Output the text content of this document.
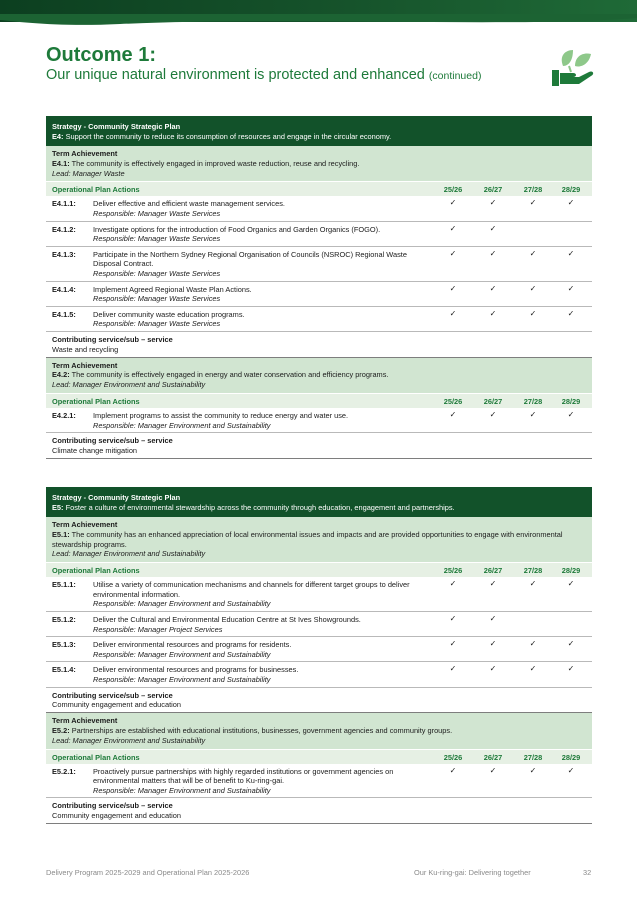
Outcome 1:
Our unique natural environment is protected and enhanced (continued)
Strategy - Community Strategic Plan
E4: Support the community to reduce its consumption of resources and engage in the circular economy.
Term Achievement
E4.1: The community is effectively engaged in improved waste reduction, reuse and recycling.
Lead: Manager Waste
Operational Plan Actions	25/26	26/27	27/28	28/29
E4.1.1: Deliver effective and efficient waste management services.
Responsible: Manager Waste Services
✓	✓	✓	✓
E4.1.2: Investigate options for the introduction of Food Organics and Garden Organics (FOGO).
Responsible: Manager Waste Services
✓	✓
E4.1.3: Participate in the Northern Sydney Regional Organisation of Councils (NSROC) Regional Waste Disposal Contract.
Responsible: Manager Waste Services
✓	✓	✓	✓
E4.1.4: Implement Agreed Regional Waste Plan Actions.
Responsible: Manager Waste Services
✓	✓	✓	✓
E4.1.5: Deliver community waste education programs.
Responsible: Manager Waste Services
✓	✓	✓	✓
Contributing service/sub – service
Waste and recycling
Term Achievement
E4.2: The community is effectively engaged in energy and water conservation and efficiency programs.
Lead: Manager Environment and Sustainability
Operational Plan Actions	25/26	26/27	27/28	28/29
E4.2.1: Implement programs to assist the community to reduce energy and water use.
Responsible: Manager Environment and Sustainability
✓	✓	✓	✓
Contributing service/sub – service
Climate change mitigation
Strategy - Community Strategic Plan
E5: Foster a culture of environmental stewardship across the community through education, engagement and partnerships.
Term Achievement
E5.1: The community has an enhanced appreciation of local environmental issues and impacts and are provided opportunities to engage with environmental stewardship programs.
Lead: Manager Environment and Sustainability
Operational Plan Actions	25/26	26/27	27/28	28/29
E5.1.1: Utilise a variety of communication mechanisms and channels for different target groups to deliver environmental information.
Responsible: Manager Environment and Sustainability
✓	✓	✓	✓
E5.1.2: Deliver the Cultural and Environmental Education Centre at St Ives Showgrounds.
Responsible: Manager Project Services
✓	✓
E5.1.3: Deliver environmental resources and programs for residents.
Responsible: Manager Environment and Sustainability
✓	✓	✓	✓
E5.1.4: Deliver environmental resources and programs for businesses.
Responsible: Manager Environment and Sustainability
✓	✓	✓	✓
Contributing service/sub – service
Community engagement and education
Term Achievement
E5.2: Partnerships are established with educational institutions, businesses, government agencies and community groups.
Lead: Manager Environment and Sustainability
Operational Plan Actions	25/26	26/27	27/28	28/29
E5.2.1: Proactively pursue partnerships with highly regarded institutions or government agencies on environmental matters that will be of benefit to Ku-ring-gai.
Responsible: Manager Environment and Sustainability
✓	✓	✓	✓
Contributing service/sub – service
Community engagement and education
Delivery Program 2025-2029 and Operational Plan 2025-2026	Our Ku-ring-gai: Delivering together	32
